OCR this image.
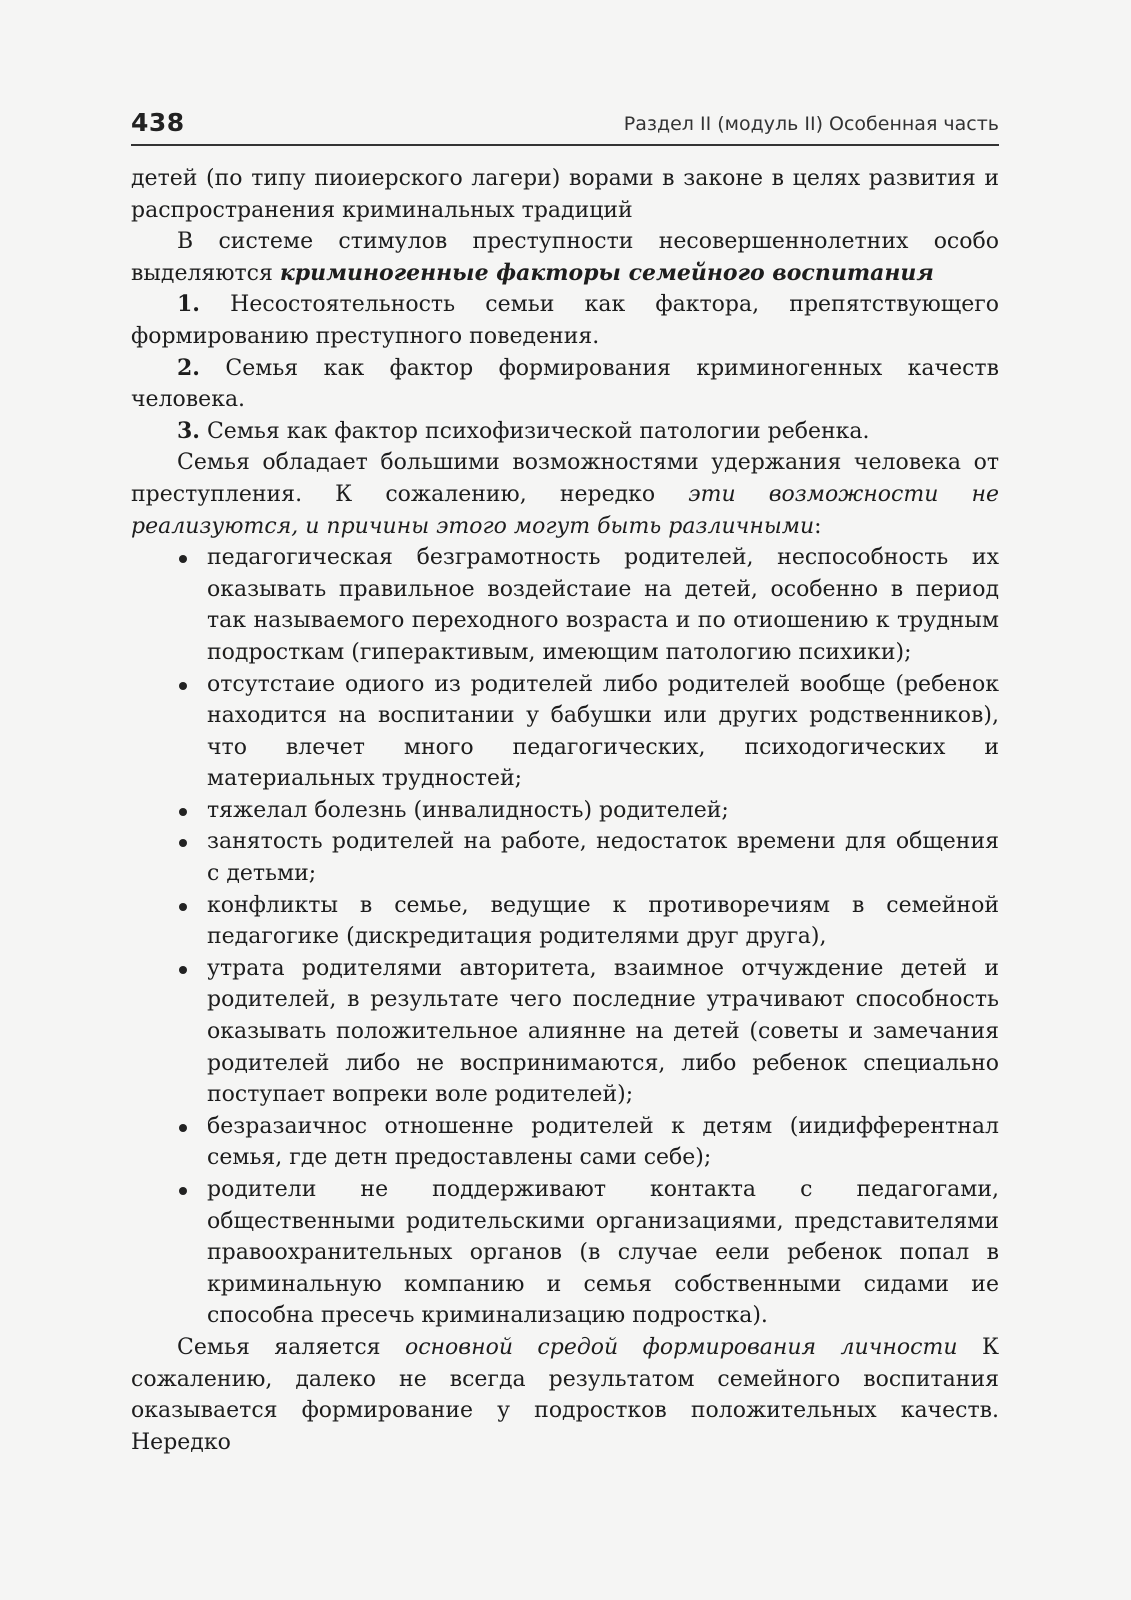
438	Раздел II (модуль II) Особенная часть

детей (по типу пиоиерского лагери) ворами в законе в целях развития и распространения криминальных традиций

В системе стимулов преступности несовершеннолетних особо выделяются криминогенные факторы семейного воспитания

1. Несостоятельность семьи как фактора, препятствующего формированию преступного поведения.

2. Семья как фактор формирования криминогенных качеств человека.

3. Семья как фактор психофизической патологии ребенка.

Семья обладает большими возможностями удержания человека от преступления. К сожалению, нередко эти возможности не реализуются, и причины этого могут быть различными:

педагогическая безграмотность родителей, неспособность их оказывать правильное воздейстаие на детей, особенно в период так называемого переходного возраста и по отиошению к трудным подросткам (гиперактивым, имеющим патологию психики);
отсутстаие одиого из родителей либо родителей вообще (ребенок находится на воспитании у бабушки или других родственников), что влечет много педагогических, психодогических и материальных трудностей;
тяжелал болезнь (инвалидность) родителей;
занятость родителей на работе, недостаток времени для общения с детьми;
конфликты в семье, ведущие к противоречиям в семейной педагогике (дискредитация родителями друг друга),
утрата родителями авторитета, взаимное отчуждение детей и родителей, в результате чего последние утрачивают способность оказывать положительное алиянне на детей (советы и замечания родителей либо не воспринимаются, либо ребенок специально поступает вопреки воле родителей);
безразаичнос отношенне родителей к детям (иидифферентнал семья, где детн предоставлены сами себе);
родители не поддерживают контакта с педагогами, общественными родительскими организациями, представителями правоохранительных органов (в случае еели ребенок попал в криминальную компанию и семья собственными сидами ие способна пресечь криминализацию подростка).

Семья яаляется основной средой формирования личности К сожалению, далеко не всегда результатом семейного воспитания оказывается формирование у подростков положительных качеств. Нередко
